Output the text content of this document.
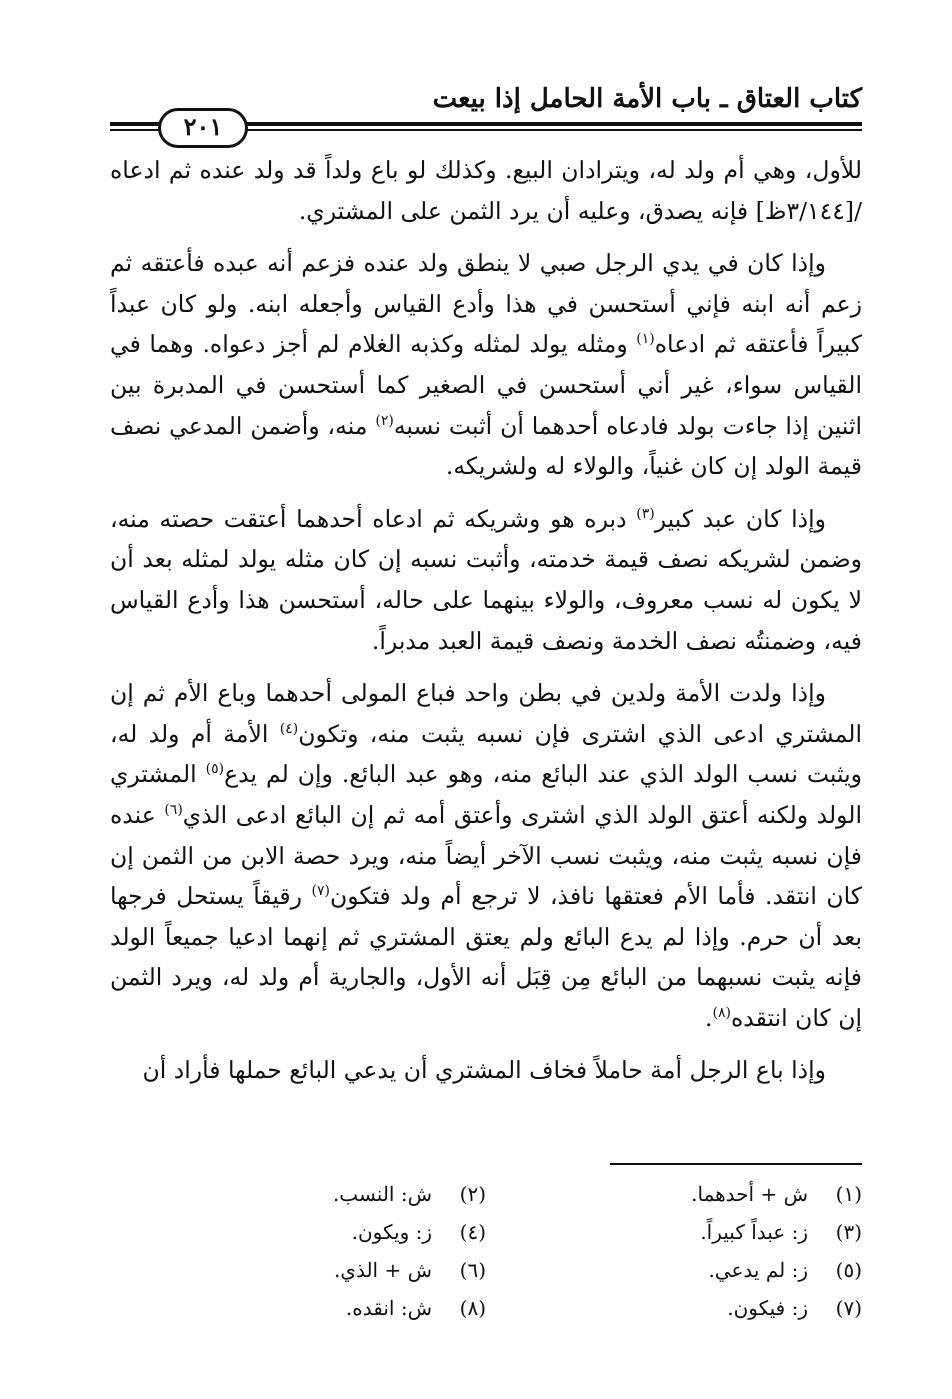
كتاب العتاق ـ باب الأمة الحامل إذا بيعت
٢٠١

للأول، وهي أم ولد له، ويترادان البيع. وكذلك لو باع ولداً قد ولد عنده ثم ادعاه /[٣/١٤٤ظ] فإنه يصدق، وعليه أن يرد الثمن على المشتري.

وإذا كان في يدي الرجل صبي لا ينطق ولد عنده فزعم أنه عبده فأعتقه ثم زعم أنه ابنه فإني أستحسن في هذا وأدع القياس وأجعله ابنه. ولو كان عبداً كبيراً فأعتقه ثم ادعاه$^{(١)}$ ومثله يولد لمثله وكذبه الغلام لم أجز دعواه. وهما في القياس سواء، غير أني أستحسن في الصغير كما أستحسن في المدبرة بين اثنين إذا جاءت بولد فادعاه أحدهما أن أثبت نسبه$^{(٢)}$ منه، وأضمن المدعي نصف قيمة الولد إن كان غنياً، والولاء له ولشريكه.

وإذا كان عبد كبير$^{(٣)}$ دبره هو وشريكه ثم ادعاه أحدهما أعتقت حصته منه، وضمن لشريكه نصف قيمة خدمته، وأثبت نسبه إن كان مثله يولد لمثله بعد أن لا يكون له نسب معروف، والولاء بينهما على حاله، أستحسن هذا وأدع القياس فيه، وضمنتُه نصف الخدمة ونصف قيمة العبد مدبراً.

وإذا ولدت الأمة ولدين في بطن واحد فباع المولى أحدهما وباع الأم ثم إن المشتري ادعى الذي اشترى فإن نسبه يثبت منه، وتكون$^{(٤)}$ الأمة أم ولد له، ويثبت نسب الولد الذي عند البائع منه، وهو عبد البائع. وإن لم يدع$^{(٥)}$ المشتري الولد ولكنه أعتق الولد الذي اشترى وأعتق أمه ثم إن البائع ادعى الذي$^{(٦)}$ عنده فإن نسبه يثبت منه، ويثبت نسب الآخر أيضاً منه، ويرد حصة الابن من الثمن إن كان انتقد. فأما الأم فعتقها نافذ، لا ترجع أم ولد فتكون$^{(٧)}$ رقيقاً يستحل فرجها بعد أن حرم. وإذا لم يدع البائع ولم يعتق المشتري ثم إنهما ادعيا جميعاً الولد فإنه يثبت نسبهما من البائع مِن قِبَل أنه الأول، والجارية أم ولد له، ويرد الثمن إن كان انتقده$^{(٨)}$.

وإذا باع الرجل أمة حاملاً فخاف المشتري أن يدعي البائع حملها فأراد أن

(١)
ش + أحدهما.
(٢)
ش: النسب.
(٣)
ز: عبداً كبيراً.
(٤)
ز: ويكون.
(٥)
ز: لم يدعي.
(٦)
ش + الذي.
(٧)
ز: فيكون.
(٨)
ش: انقده.
